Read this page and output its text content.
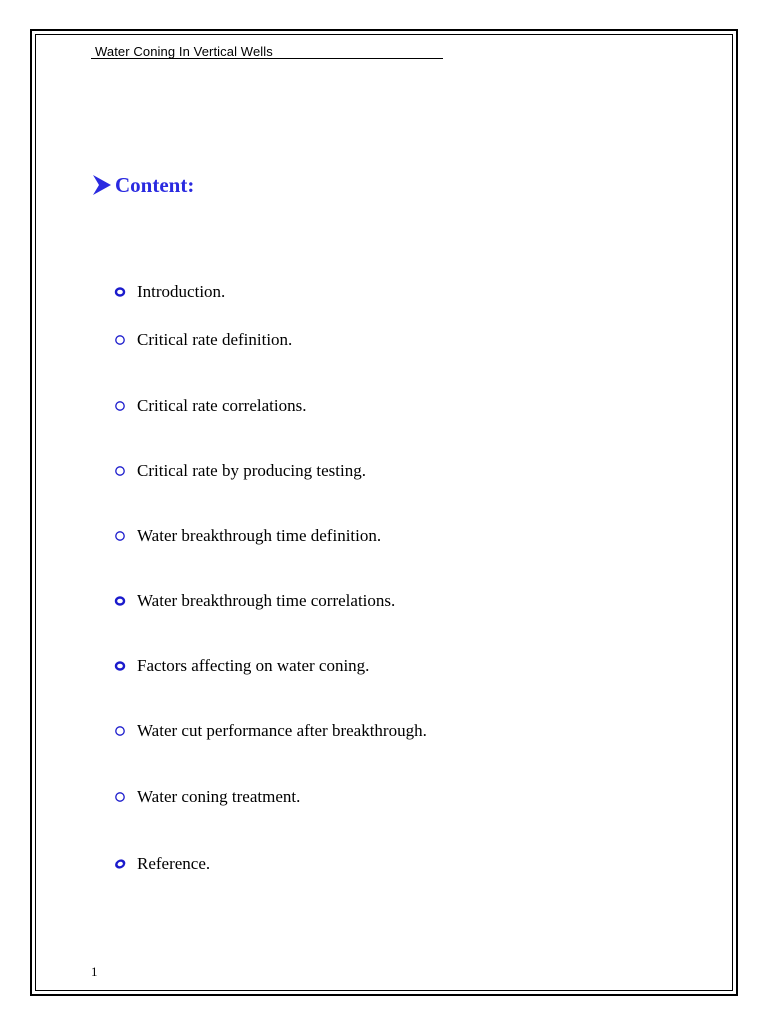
Water Coning In Vertical Wells
Content:
Introduction.
Critical rate definition.
Critical rate correlations.
Critical rate by producing testing.
Water breakthrough time definition.
Water breakthrough time correlations.
Factors affecting on water coning.
Water cut performance after breakthrough.
Water coning treatment.
Reference.
1
